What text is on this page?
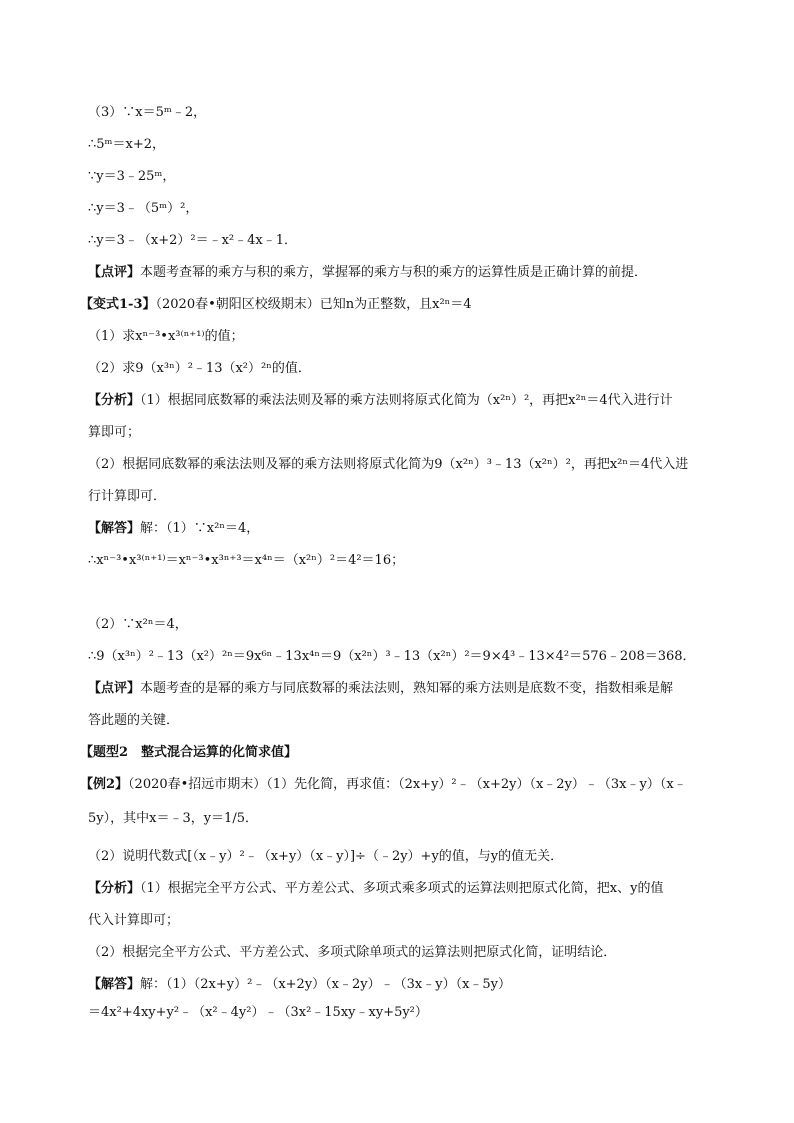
（3）∵x＝5ᵐ﹣2，
∴5ᵐ＝x+2，
∵y＝3﹣25ᵐ，
∴y＝3﹣（5ᵐ）²，
∴y＝3﹣（x+2）²＝﹣x²﹣4x﹣1．
【点评】本题考查幂的乘方与积的乘方，掌握幂的乘方与积的乘方的运算性质是正确计算的前提．
【变式1-3】（2020春•朝阳区校级期末）已知n为正整数，且x²ⁿ＝4
（1）求xⁿ⁻³•x³⁽ⁿ⁺¹⁾的值；
（2）求9（x³ⁿ）²﹣13（x²）²ⁿ的值．
【分析】（1）根据同底数幂的乘法法则及幂的乘方法则将原式化简为（x²ⁿ）²，再把x²ⁿ＝4代入进行计
算即可；
（2）根据同底数幂的乘法法则及幂的乘方法则将原式化简为9（x²ⁿ）³﹣13（x²ⁿ）²，再把x²ⁿ＝4代入进
行计算即可．
【解答】解：（1）∵x²ⁿ＝4，
∴xⁿ⁻³•x³⁽ⁿ⁺¹⁾＝xⁿ⁻³•x³ⁿ⁺³＝x⁴ⁿ＝（x²ⁿ）²＝4²＝16；
（2）∵x²ⁿ＝4，
∴9（x³ⁿ）²﹣13（x²）²ⁿ＝9x⁶ⁿ﹣13x⁴ⁿ＝9（x²ⁿ）³﹣13（x²ⁿ）²＝9×4³﹣13×4²＝576﹣208＝368．
【点评】本题考查的是幂的乘方与同底数幂的乘法法则，熟知幂的乘方法则是底数不变，指数相乘是解
答此题的关键．
【题型2　整式混合运算的化简求值】
【例2】（2020春•招远市期末）（1）先化简，再求值：（2x+y）²﹣（x+2y）（x﹣2y）﹣（3x﹣y）（x﹣
5y），其中x＝﹣3，y＝1/5．
（2）说明代数式[（x﹣y）²﹣（x+y）（x﹣y）]÷（﹣2y）+y的值，与y的值无关．
【分析】（1）根据完全平方公式、平方差公式、多项式乘多项式的运算法则把原式化简，把x、y的值
代入计算即可；
（2）根据完全平方公式、平方差公式、多项式除单项式的运算法则把原式化简，证明结论．
【解答】解：（1）（2x+y）²﹣（x+2y）（x﹣2y）﹣（3x﹣y）（x﹣5y）
＝4x²+4xy+y²﹣（x²﹣4y²）﹣（3x²﹣15xy﹣xy+5y²）
